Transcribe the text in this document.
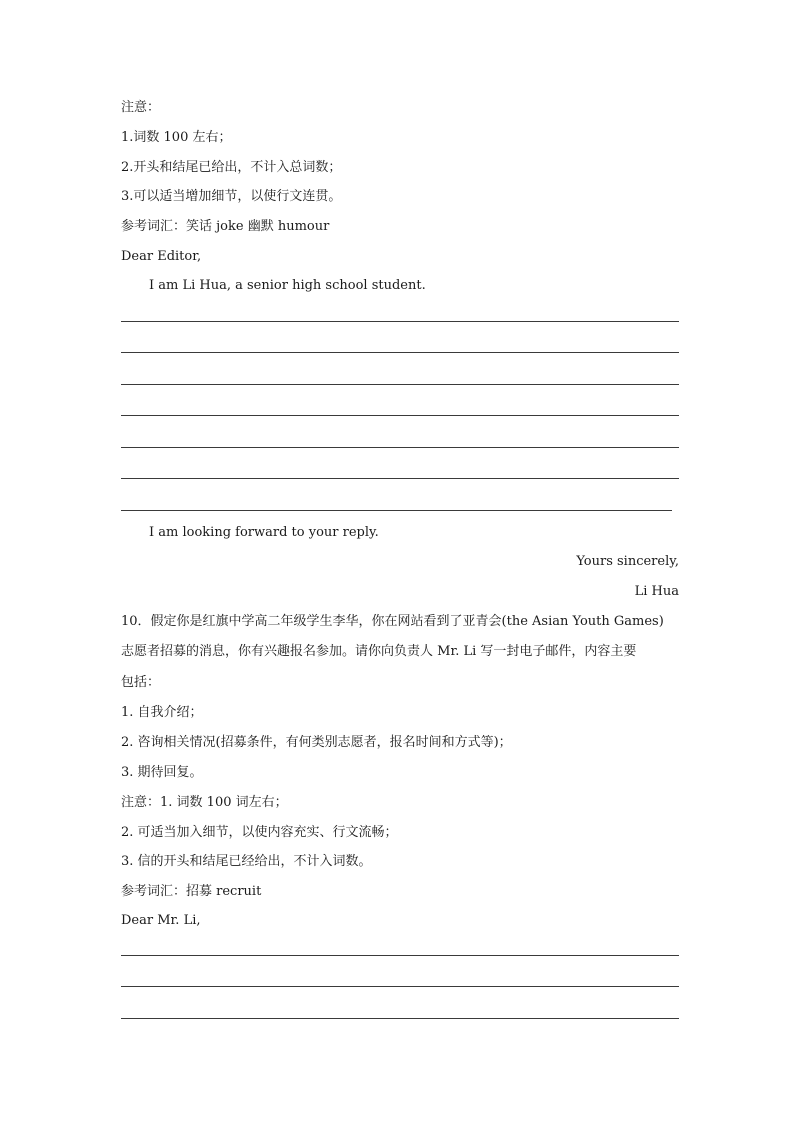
注意：
1.词数 100 左右；
2.开头和结尾已给出，不计入总词数；
3.可以适当增加细节，以使行文连贯。
参考词汇：笑话 joke 幽默 humour
Dear Editor,
I am Li Hua, a senior high school student.
I am looking forward to your reply.
Yours sincerely,
Li Hua
10．假定你是红旗中学高二年级学生李华，你在网站看到了亚青会(the Asian Youth Games)
志愿者招募的消息，你有兴趣报名参加。请你向负责人 Mr. Li 写一封电子邮件，内容主要
包括：
1. 自我介绍；
2. 咨询相关情况(招募条件，有何类别志愿者，报名时间和方式等)；
3. 期待回复。
注意：1. 词数 100 词左右；
2. 可适当加入细节，以使内容充实、行文流畅；
3. 信的开头和结尾已经给出，不计入词数。
参考词汇：招募 recruit
Dear Mr. Li,
